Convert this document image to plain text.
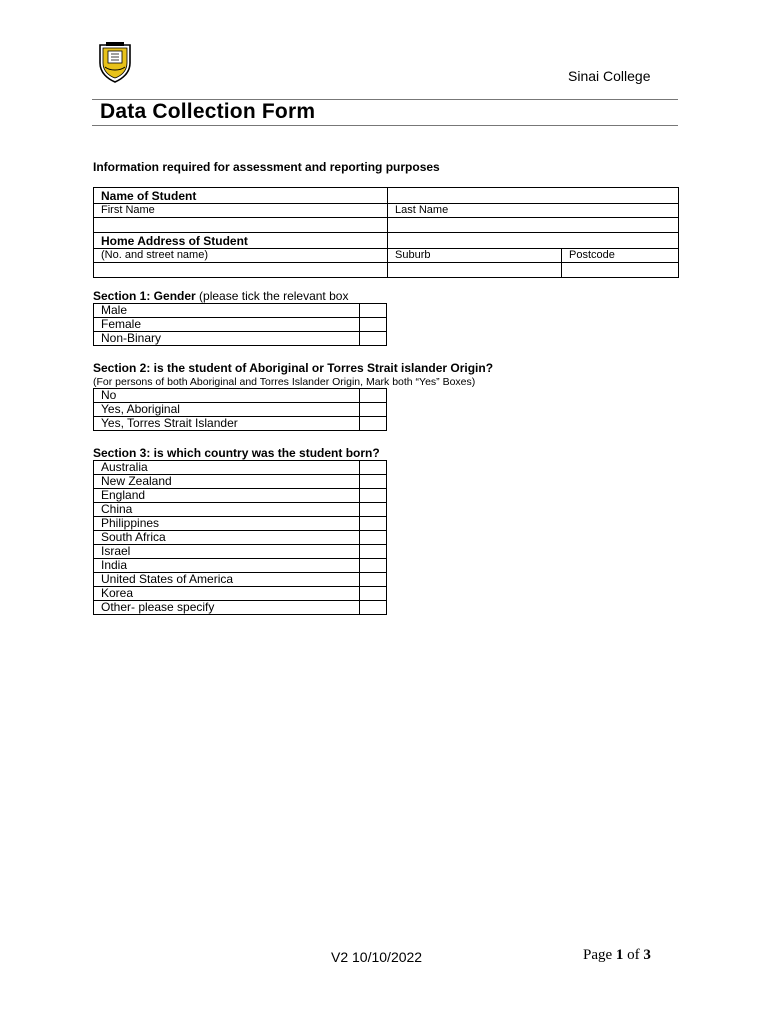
Sinai College
Data Collection Form
Information required for assessment and reporting purposes
Name of Student		
First Name	Last Name	

Home Address of Student		
(No. and street name)	Suburb	Postcode

Section 1: Gender (please tick the relevant box
Male	
Female	
Non-Binary	
Section 2: is the student of Aboriginal or Torres Strait islander Origin?
(For persons of both Aboriginal and Torres Islander Origin, Mark both “Yes” Boxes)
No	
Yes, Aboriginal	
Yes, Torres Strait Islander	
Section 3: is which country was the student born?
Australia	
New Zealand	
England	
China	
Philippines	
South Africa	
Israel	
India	
United States of America	
Korea	
Other- please specify	
V2 10/10/2022	Page 1 of 3
